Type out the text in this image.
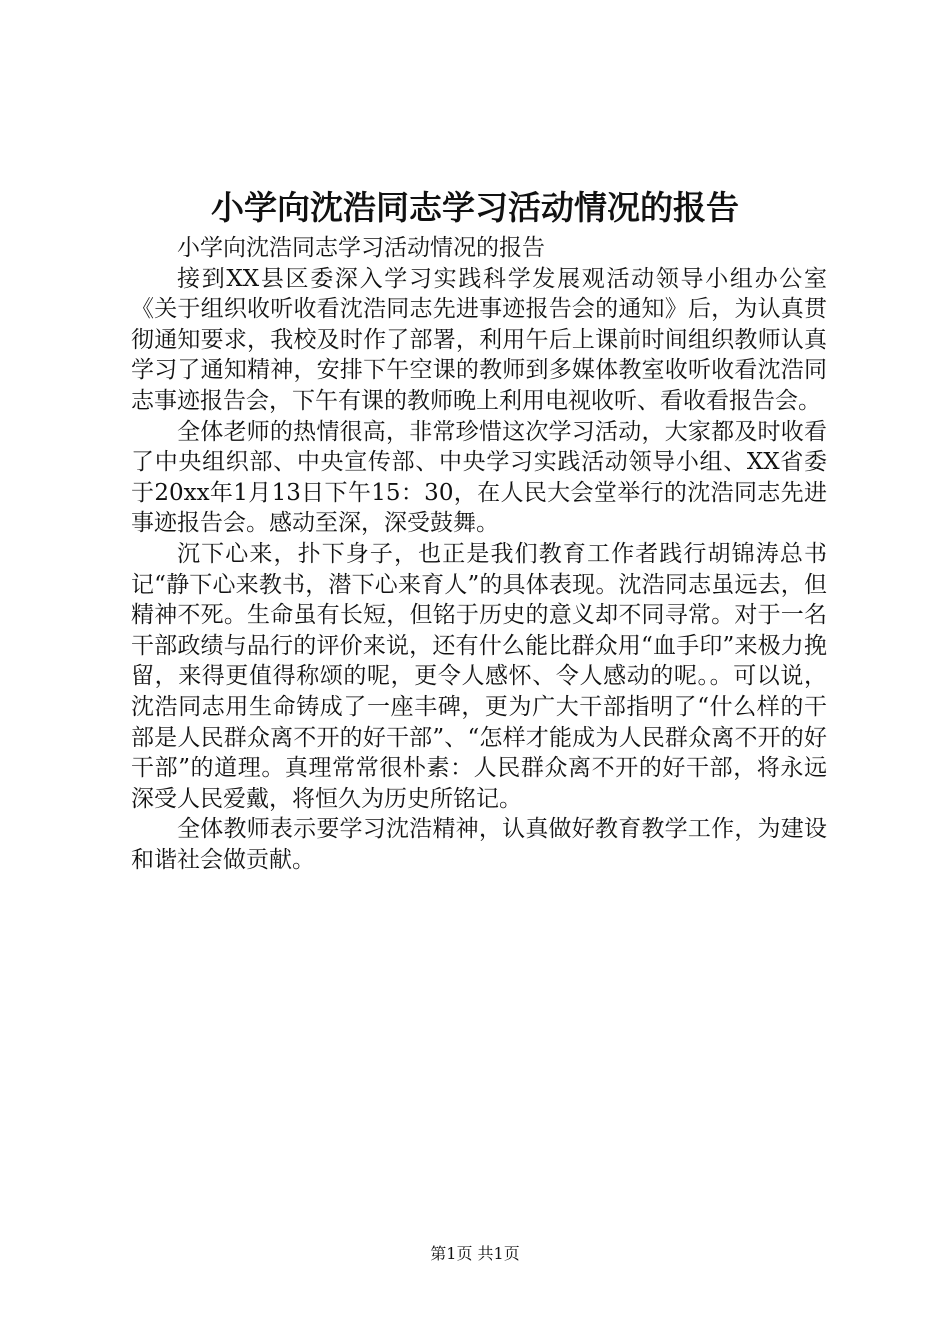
小学向沈浩同志学习活动情况的报告

小学向沈浩同志学习活动情况的报告

接到XX县区委深入学习实践科学发展观活动领导小组办公室《关于组织收听收看沈浩同志先进事迹报告会的通知》后，为认真贯彻通知要求，我校及时作了部署，利用午后上课前时间组织教师认真学习了通知精神，安排下午空课的教师到多媒体教室收听收看沈浩同志事迹报告会，下午有课的教师晚上利用电视收听、看收看报告会。

全体老师的热情很高，非常珍惜这次学习活动，大家都及时收看了中央组织部、中央宣传部、中央学习实践活动领导小组、XX省委于20xx年1月13日下午15：30，在人民大会堂举行的沈浩同志先进事迹报告会。感动至深，深受鼓舞。

沉下心来，扑下身子，也正是我们教育工作者践行胡锦涛总书记“静下心来教书，潜下心来育人”的具体表现。沈浩同志虽远去，但精神不死。生命虽有长短，但铭于历史的意义却不同寻常。对于一名干部政绩与品行的评价来说，还有什么能比群众用“血手印”来极力挽留，来得更值得称颂的呢，更令人感怀、令人感动的呢。。可以说，沈浩同志用生命铸成了一座丰碑，更为广大干部指明了“什么样的干部是人民群众离不开的好干部”、“怎样才能成为人民群众离不开的好干部”的道理。真理常常很朴素：人民群众离不开的好干部，将永远深受人民爱戴，将恒久为历史所铭记。

全体教师表示要学习沈浩精神，认真做好教育教学工作，为建设和谐社会做贡献。

第1页 共1页
